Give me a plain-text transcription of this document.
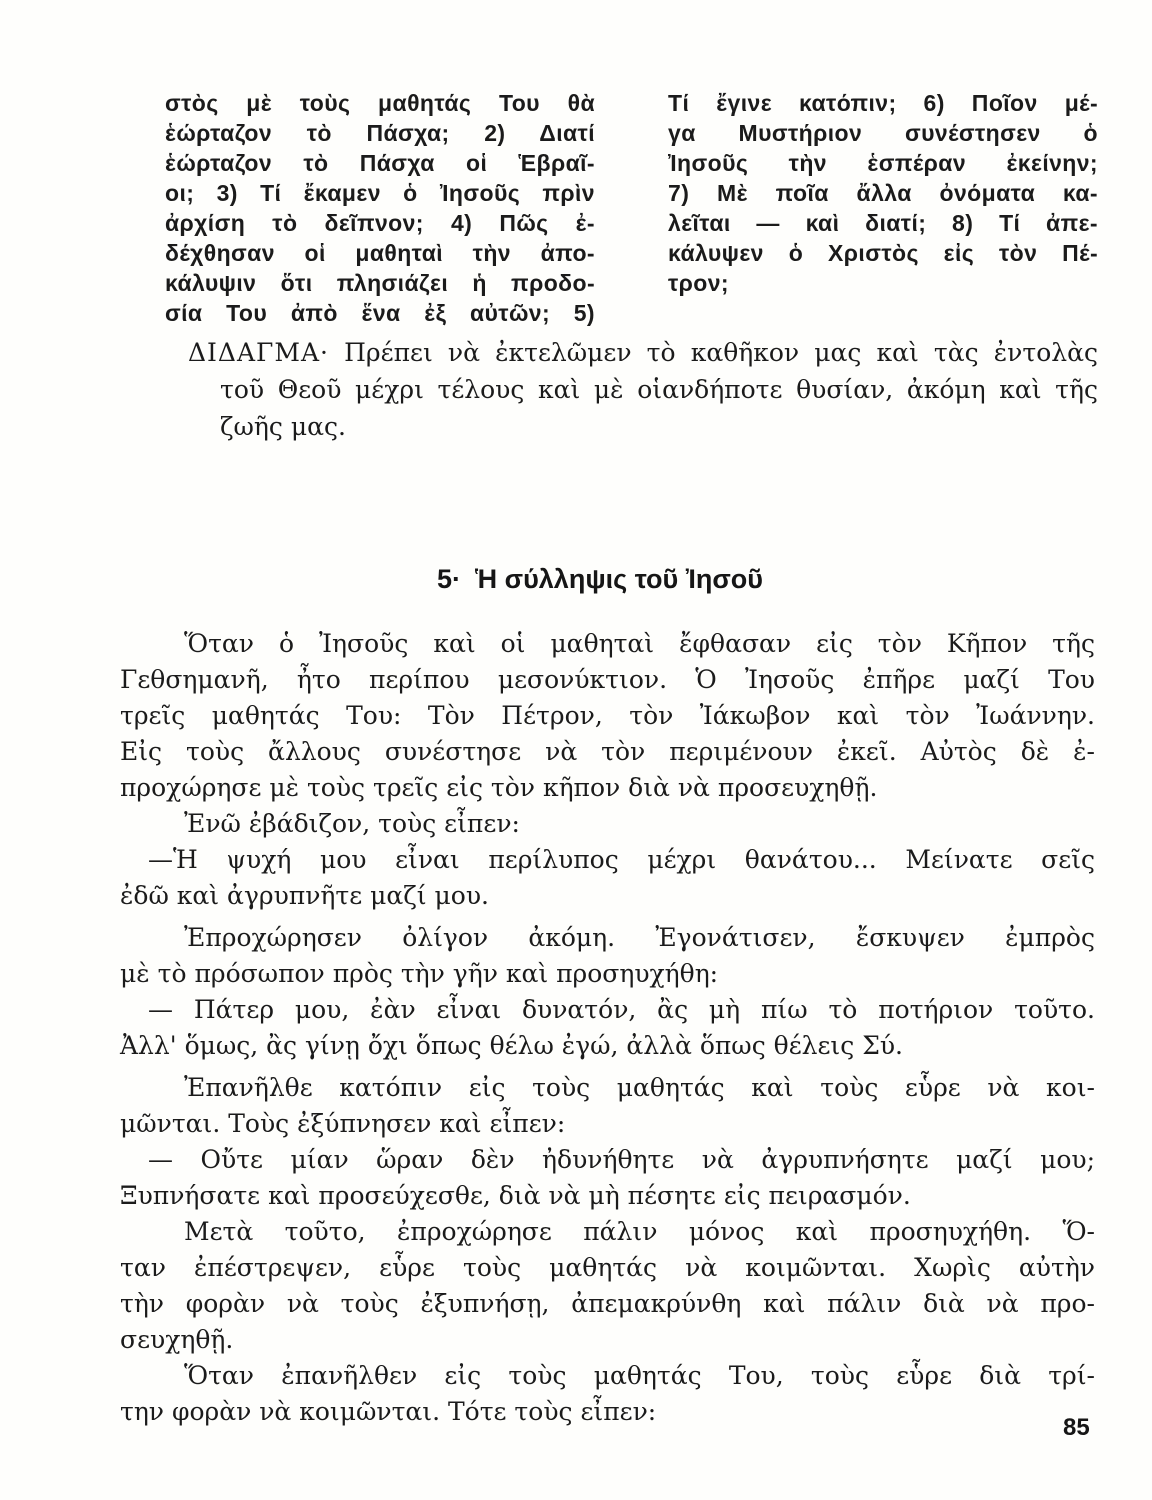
στὸς μὲ τοὺς μαθητάς Του θὰ
ἑώρταζον τὸ Πάσχα; 2) Διατί
ἑώρταζον τὸ Πάσχα οἱ Ἑβραῖ-
οι; 3) Τί ἔκαμεν ὁ Ἰησοῦς πρὶν
ἀρχίση τὸ δεῖπνον; 4) Πῶς ἐ-
δέχθησαν οἱ μαθηταὶ τὴν ἀπο-
κάλυψιν ὅτι πλησιάζει ἡ προδο-
σία Του ἀπὸ ἕνα ἐξ αὐτῶν; 5)
Τί ἔγινε κατόπιν; 6) Ποῖον μέ-
γα Μυστήριον συνέστησεν ὁ
Ἰησοῦς τὴν ἑσπέραν ἐκείνην;
7) Μὲ ποῖα ἄλλα ὀνόματα κα-
λεῖται — καὶ διατί; 8) Τί ἀπε-
κάλυψεν ὁ Χριστὸς εἰς τὸν Πέ-
τρον;
ΔΙΔΑΓΜΑ· Πρέπει νὰ ἐκτελῶμεν τὸ καθῆκον μας καὶ τὰς ἐντολὰς
τοῦ Θεοῦ μέχρι τέλους καὶ μὲ οἱανδήποτε θυσίαν, ἀκόμη καὶ τῆς
ζωῆς μας.
5· Ἡ σύλληψις τοῦ Ἰησοῦ
Ὅταν ὁ Ἰησοῦς καὶ οἱ μαθηταὶ ἔφθασαν εἰς τὸν Κῆπον τῆς
Γεθσημανῆ, ἦτο περίπου μεσονύκτιον. Ὁ Ἰησοῦς ἐπῆρε μαζί Του
τρεῖς μαθητάς Του: Τὸν Πέτρον, τὸν Ἰάκωβον καὶ τὸν Ἰωάννην.
Εἰς τοὺς ἄλλους συνέστησε νὰ τὸν περιμένουν ἐκεῖ. Αὐτὸς δὲ ἐ-
προχώρησε μὲ τοὺς τρεῖς εἰς τὸν κῆπον διὰ νὰ προσευχηθῇ.
Ἐνῶ ἐβάδιζον, τοὺς εἶπεν:
—Ἡ ψυχή μου εἶναι περίλυπος μέχρι θανάτου... Μείνατε σεῖς
ἐδῶ καὶ ἀγρυπνῆτε μαζί μου.
Ἐπροχώρησεν ὀλίγον ἀκόμη. Ἐγονάτισεν, ἔσκυψεν ἐμπρὸς
μὲ τὸ πρόσωπον πρὸς τὴν γῆν καὶ προσηυχήθη:
— Πάτερ μου, ἐὰν εἶναι δυνατόν, ἂς μὴ πίω τὸ ποτήριον τοῦτο.
Ἀλλ' ὅμως, ἂς γίνῃ ὄχι ὅπως θέλω ἐγώ, ἀλλὰ ὅπως θέλεις Σύ.
Ἐπανῆλθε κατόπιν εἰς τοὺς μαθητάς καὶ τοὺς εὗρε νὰ κοι-
μῶνται. Τοὺς ἐξύπνησεν καὶ εἶπεν:
— Οὔτε μίαν ὥραν δὲν ἠδυνήθητε νὰ ἀγρυπνήσητε μαζί μου;
Ξυπνήσατε καὶ προσεύχεσθε, διὰ νὰ μὴ πέσητε εἰς πειρασμόν.
Μετὰ τοῦτο, ἐπροχώρησε πάλιν μόνος καὶ προσηυχήθη. Ὅ-
ταν ἐπέστρεψεν, εὗρε τοὺς μαθητάς νὰ κοιμῶνται. Χωρὶς αὐτὴν
τὴν φορὰν νὰ τοὺς ἐξυπνήσῃ, ἀπεμακρύνθη καὶ πάλιν διὰ νὰ προ-
σευχηθῇ.
Ὅταν ἐπανῆλθεν εἰς τοὺς μαθητάς Του, τοὺς εὗρε διὰ τρί-
την φορὰν νὰ κοιμῶνται. Τότε τοὺς εἶπεν:
85
